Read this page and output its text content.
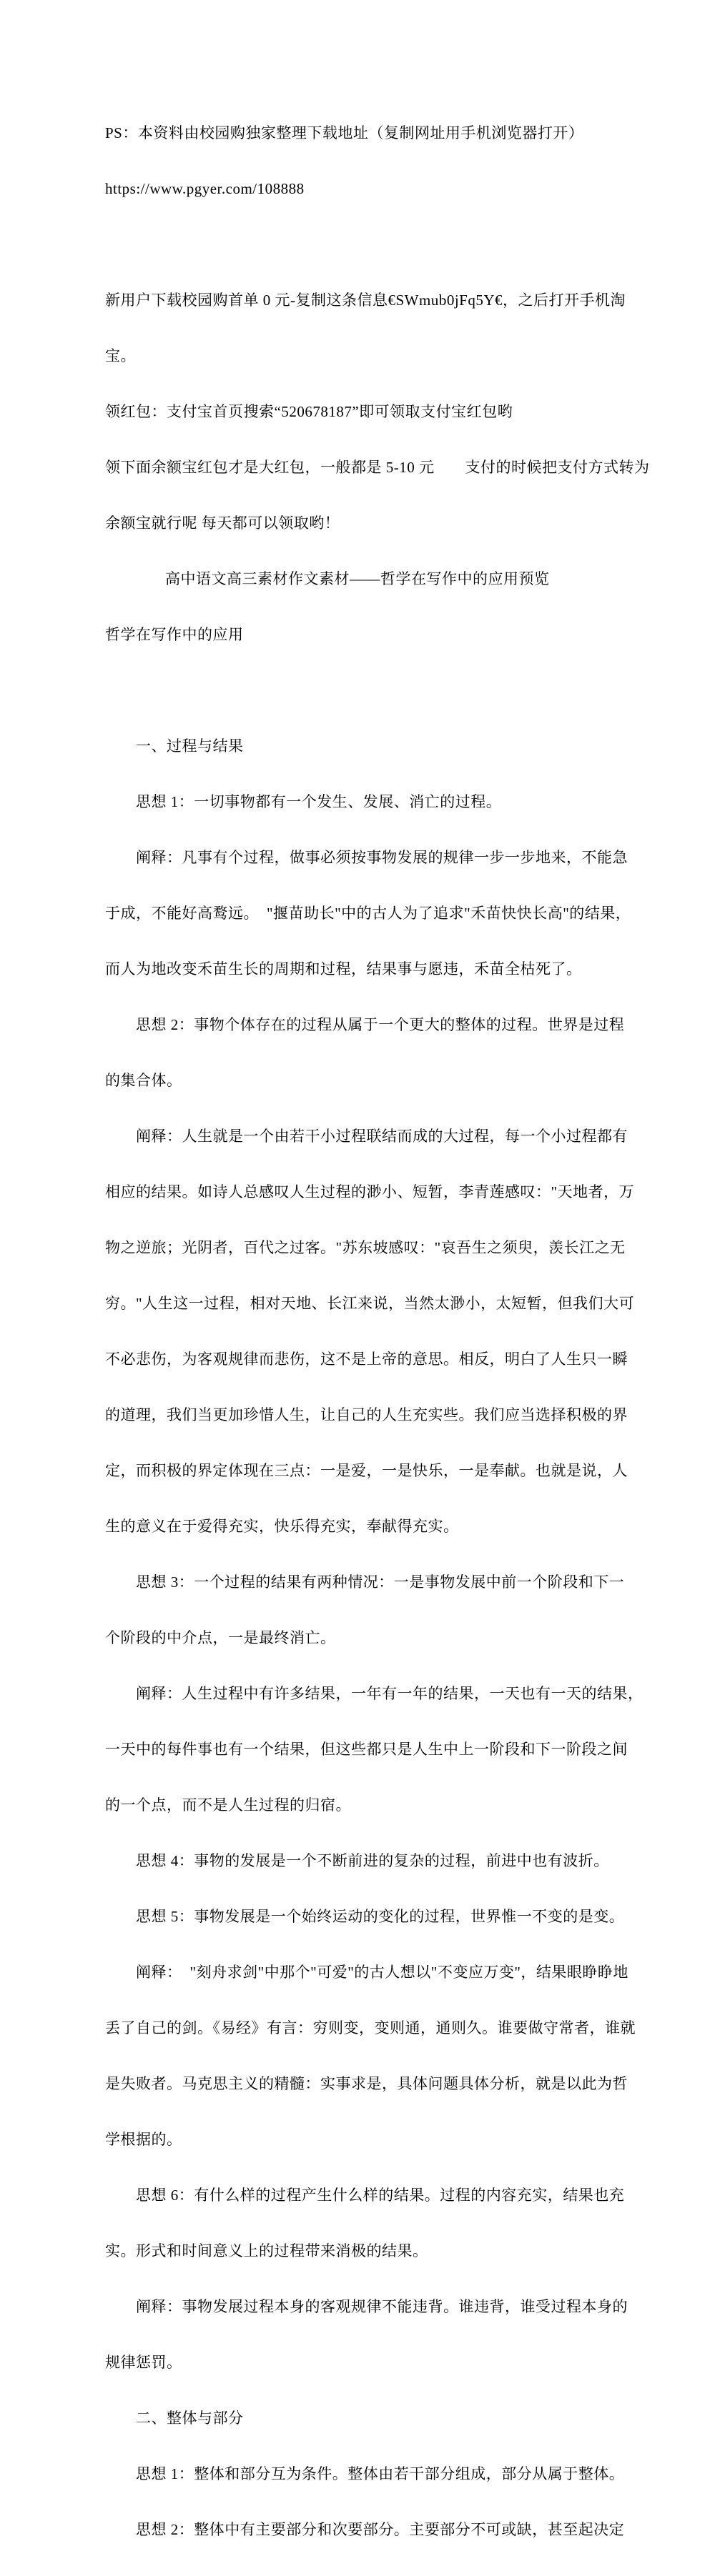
PS：本资料由校园购独家整理下载地址（复制网址用手机浏览器打开）

https://www.pgyer.com/108888

新用户下载校园购首单 0 元-复制这条信息€SWmub0jFq5Y€，之后打开手机淘

宝。

领红包：支付宝首页搜索“520678187”即可领取支付宝红包哟

领下面余额宝红包才是大红包，一般都是 5-10 元　　支付的时候把支付方式转为

余额宝就行呢 每天都可以领取哟！

高中语文高三素材作文素材——哲学在写作中的应用预览

哲学在写作中的应用

　　一、过程与结果

　　思想 1：一切事物都有一个发生、发展、消亡的过程。

　　阐释：凡事有个过程，做事必须按事物发展的规律一步一步地来，不能急

于成，不能好高鹜远。　"揠苗助长"中的古人为了追求"禾苗快快长高"的结果，

而人为地改变禾苗生长的周期和过程，结果事与愿违，禾苗全枯死了。

　　思想 2：事物个体存在的过程从属于一个更大的整体的过程。世界是过程

的集合体。

　　阐释：人生就是一个由若干小过程联结而成的大过程，每一个小过程都有

相应的结果。如诗人总感叹人生过程的渺小、短暂，李青莲感叹："天地者，万

物之逆旅；光阴者，百代之过客。"苏东坡感叹："哀吾生之须臾，羡长江之无

穷。"人生这一过程，相对天地、长江来说，当然太渺小，太短暂，但我们大可

不必悲伤，为客观规律而悲伤，这不是上帝的意思。相反，明白了人生只一瞬

的道理，我们当更加珍惜人生，让自己的人生充实些。我们应当选择积极的界

定，而积极的界定体现在三点：一是爱，一是快乐，一是奉献。也就是说，人

生的意义在于爱得充实，快乐得充实，奉献得充实。

　　思想 3：一个过程的结果有两种情况：一是事物发展中前一个阶段和下一

个阶段的中介点，一是最终消亡。

　　阐释：人生过程中有许多结果，一年有一年的结果，一天也有一天的结果，

一天中的每件事也有一个结果，但这些都只是人生中上一阶段和下一阶段之间

的一个点，而不是人生过程的归宿。

　　思想 4：事物的发展是一个不断前进的复杂的过程，前进中也有波折。

　　思想 5：事物发展是一个始终运动的变化的过程，世界惟一不变的是变。

　　阐释：　"刻舟求剑"中那个"可爱"的古人想以"不变应万变"，结果眼睁睁地

丢了自己的剑。《易经》有言：穷则变，变则通，通则久。谁要做守常者，谁就

是失败者。马克思主义的精髓：实事求是，具体问题具体分析，就是以此为哲

学根据的。

　　思想 6：有什么样的过程产生什么样的结果。过程的内容充实，结果也充

实。形式和时间意义上的过程带来消极的结果。

　　阐释：事物发展过程本身的客观规律不能违背。谁违背，谁受过程本身的

规律惩罚。

　　二、整体与部分

　　思想 1：整体和部分互为条件。整体由若干部分组成，部分从属于整体。

　　思想 2：整体中有主要部分和次要部分。主要部分不可或缺，甚至起决定
